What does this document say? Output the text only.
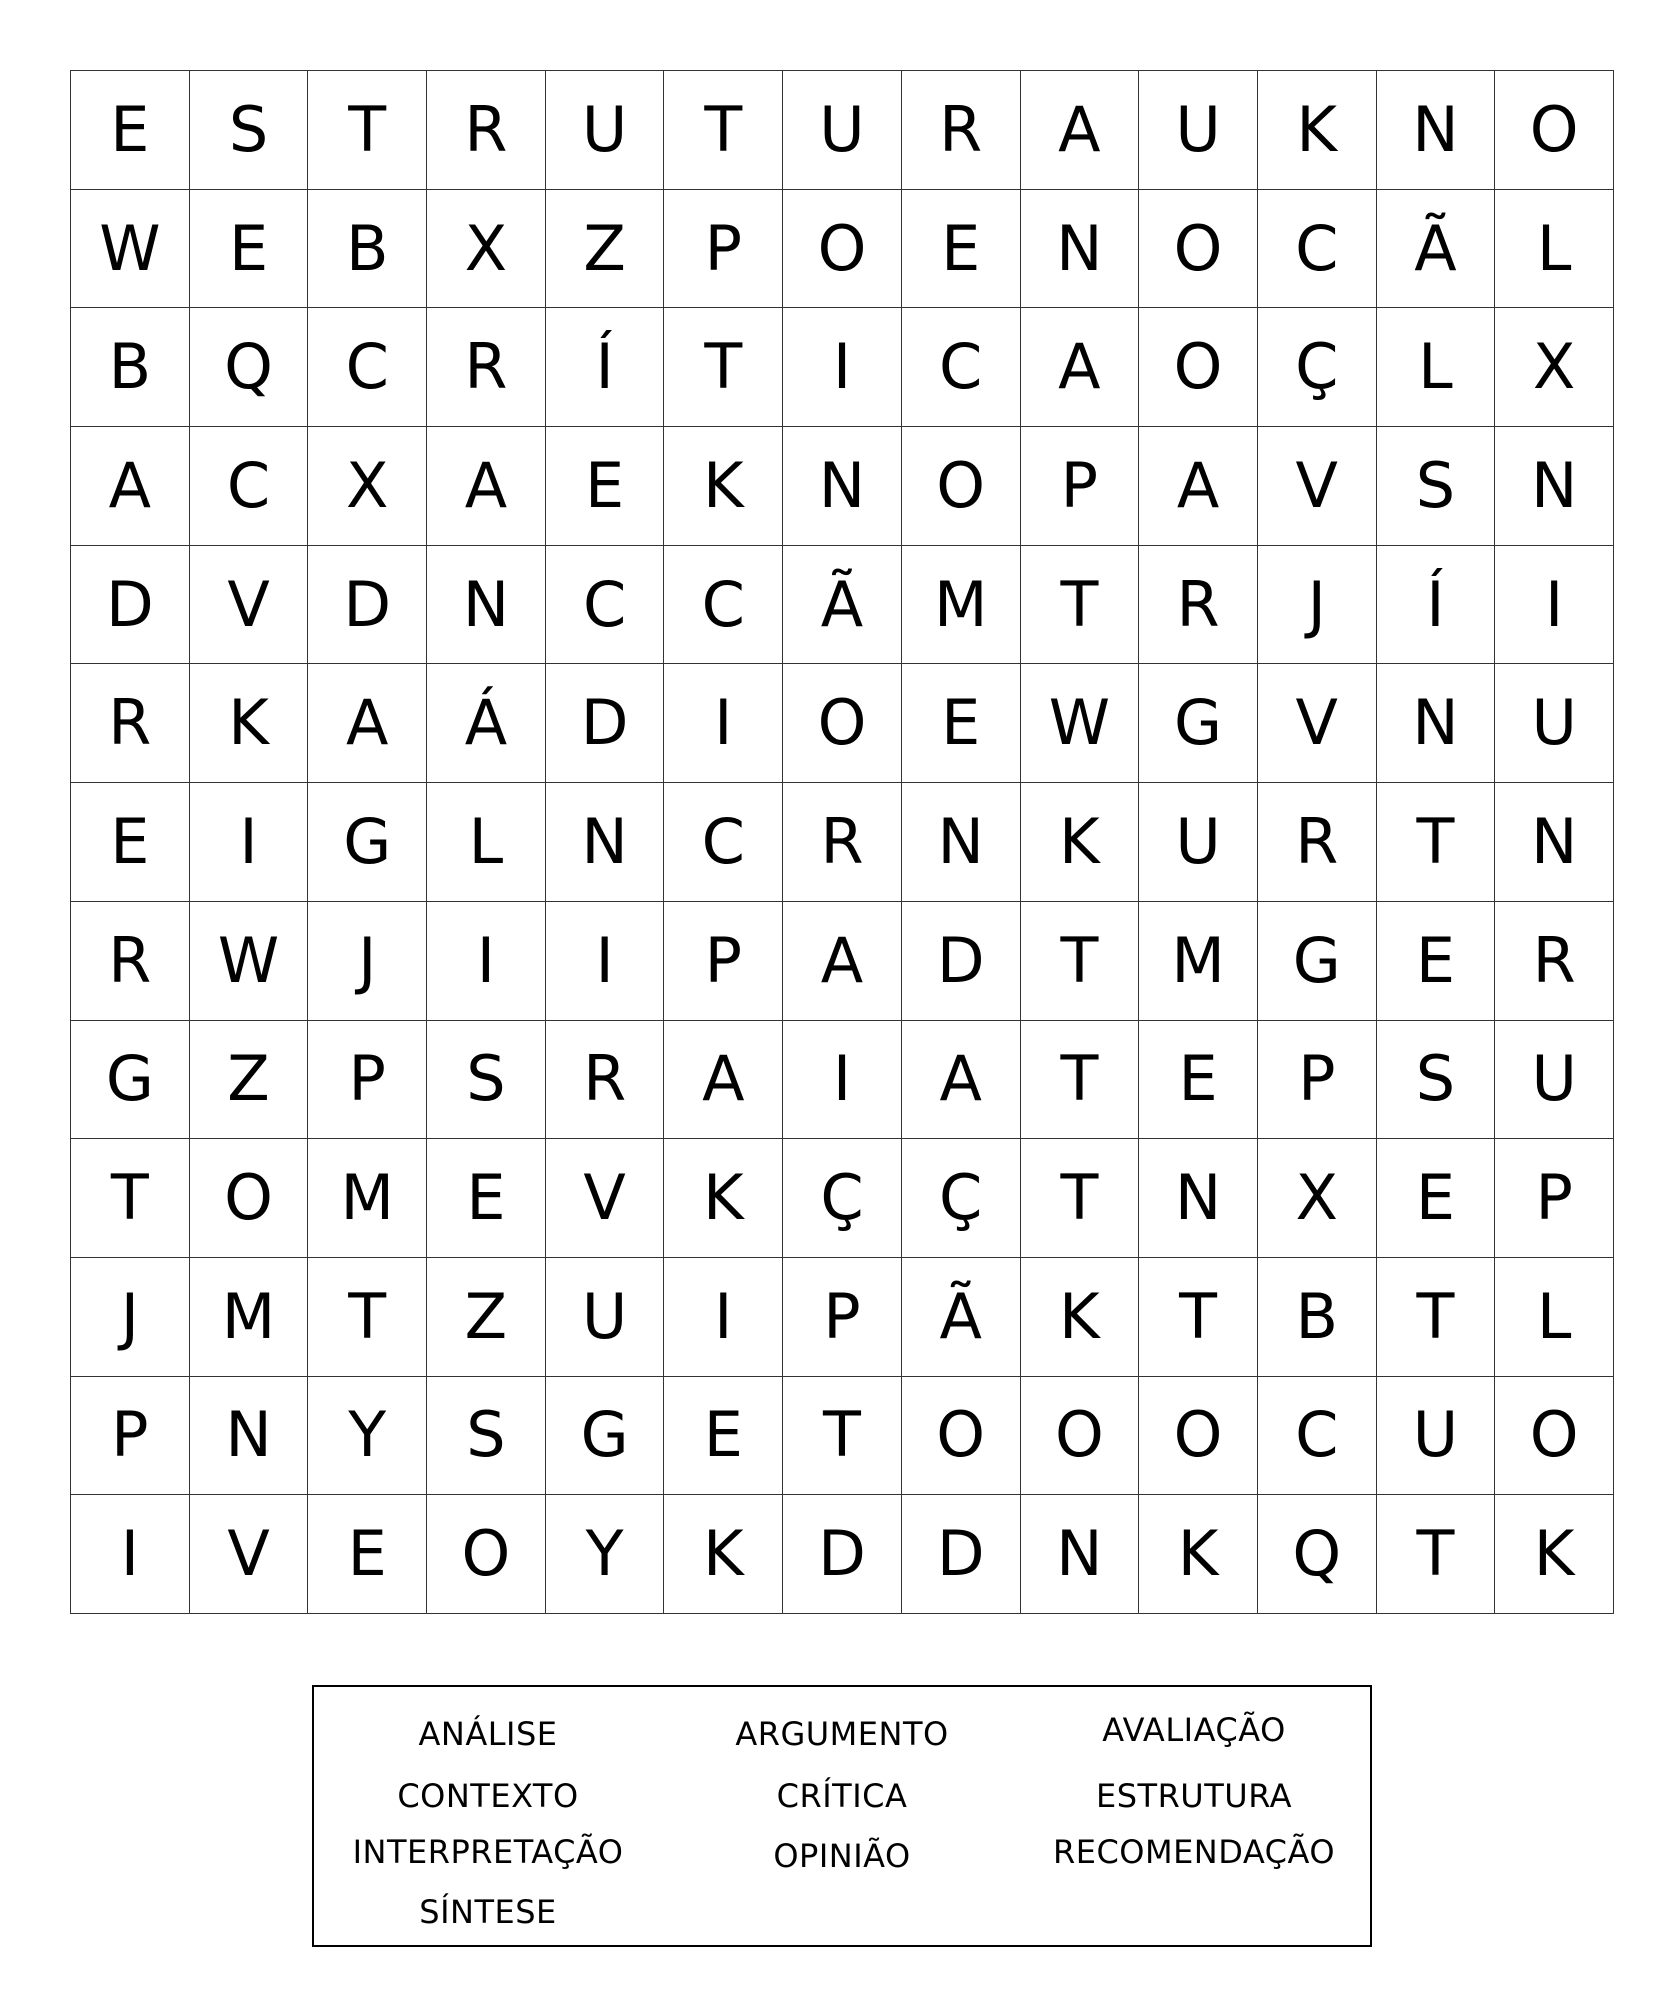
E	S	T	R	U	T	U	R	A	U	K	N	O
W	E	B	X	Z	P	O	E	N	O	C	Ã	L
B	Q	C	R	Í	T	I	C	A	O	Ç	L	X
A	C	X	A	E	K	N	O	P	A	V	S	N
D	V	D	N	C	C	Ã	M	T	R	J	Í	I
R	K	A	Á	D	I	O	E	W	G	V	N	U
E	I	G	L	N	C	R	N	K	U	R	T	N
R	W	J	I	I	P	A	D	T	M	G	E	R
G	Z	P	S	R	A	I	A	T	E	P	S	U
T	O	M	E	V	K	Ç	Ç	T	N	X	E	P
J	M	T	Z	U	I	P	Ã	K	T	B	T	L
P	N	Y	S	G	E	T	O	O	O	C	U	O
I	V	E	O	Y	K	D	D	N	K	Q	T	K
ANÁLISE	ARGUMENTO	AVALIAÇÃO
CONTEXTO	CRÍTICA	ESTRUTURA
INTERPRETAÇÃO	OPINIÃO	RECOMENDAÇÃO
SÍNTESE
